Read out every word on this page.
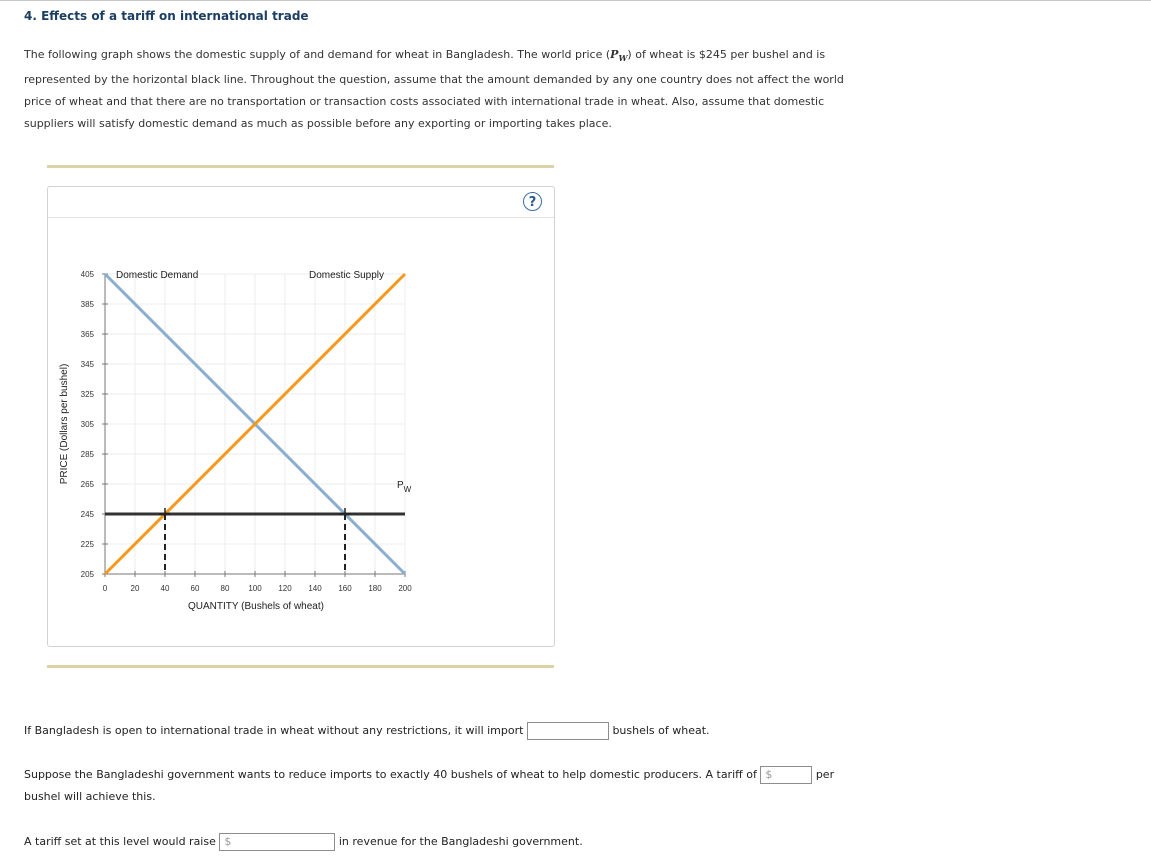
4. Effects of a tariff on international trade

The following graph shows the domestic supply of and demand for wheat in Bangladesh. The world price $(P_W)$ of wheat is $245 per bushel and is

represented by the horizontal black line. Throughout the question, assume that the amount demanded by any one country does not affect the world

price of wheat and that there are no transportation or transaction costs associated with international trade in wheat. Also, assume that domestic

suppliers will satisfy domestic demand as much as possible before any exporting or importing takes place.

?
205
225
245
265
285
305
325
345
365
385
405
0	20	40	60	80 100 120 140 160 180 200
Domestic Demand	Domestic Supply
$P_W$
QUANTITY (Bushels of wheat)
PRICE (Dollars per bushel)
If Bangladesh is open to international trade in wheat without any restrictions, it will import	bushels of wheat.
Suppose the Bangladeshi government wants to reduce imports to exactly 40 bushels of wheat to help domestic producers. A tariff of $	per
bushel will achieve this.
A tariff set at this level would raise $	in revenue for the Bangladeshi government.
